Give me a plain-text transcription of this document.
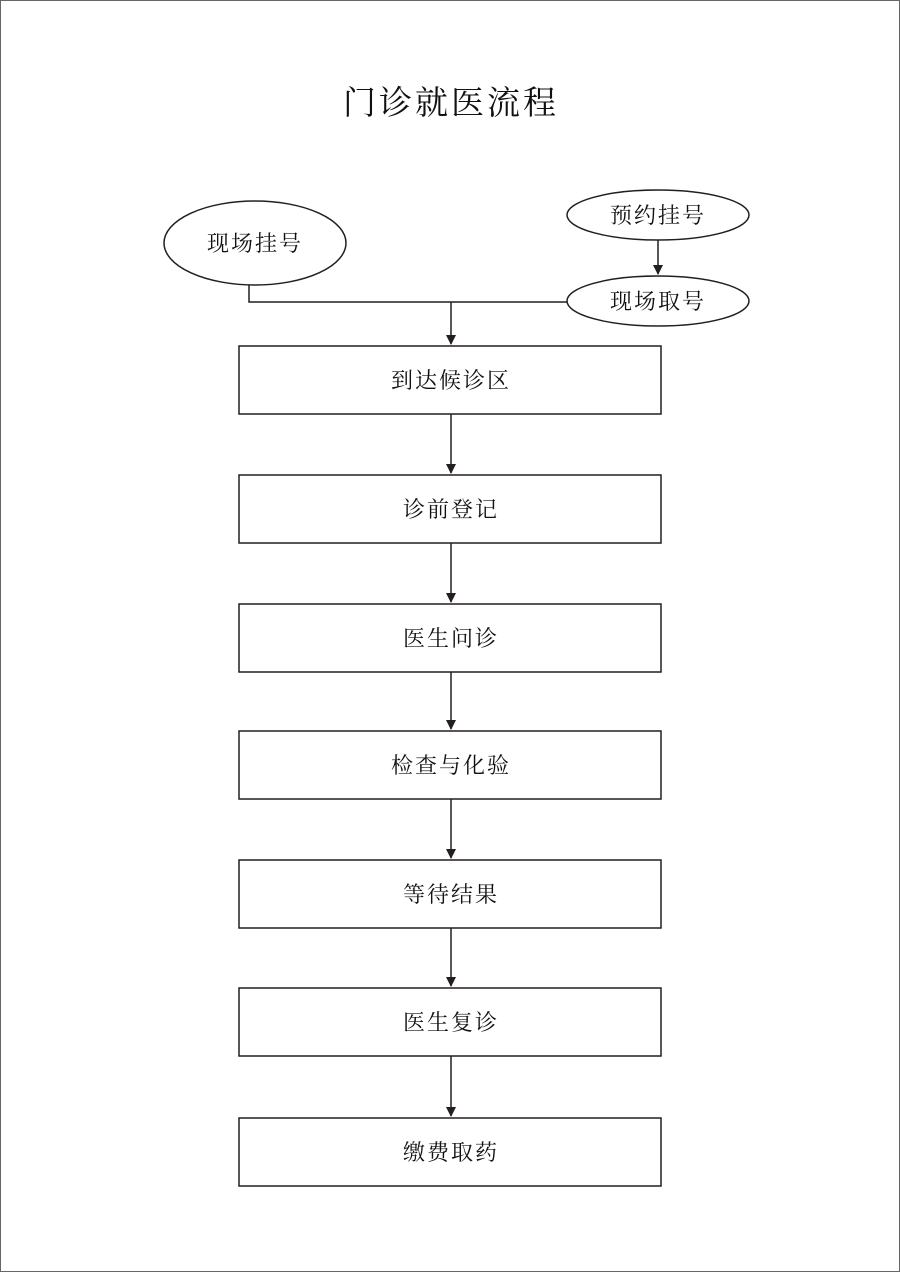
门诊就医流程
现场挂号
预约挂号
现场取号
到达候诊区
诊前登记
医生问诊
检查与化验
等待结果
医生复诊
缴费取药
